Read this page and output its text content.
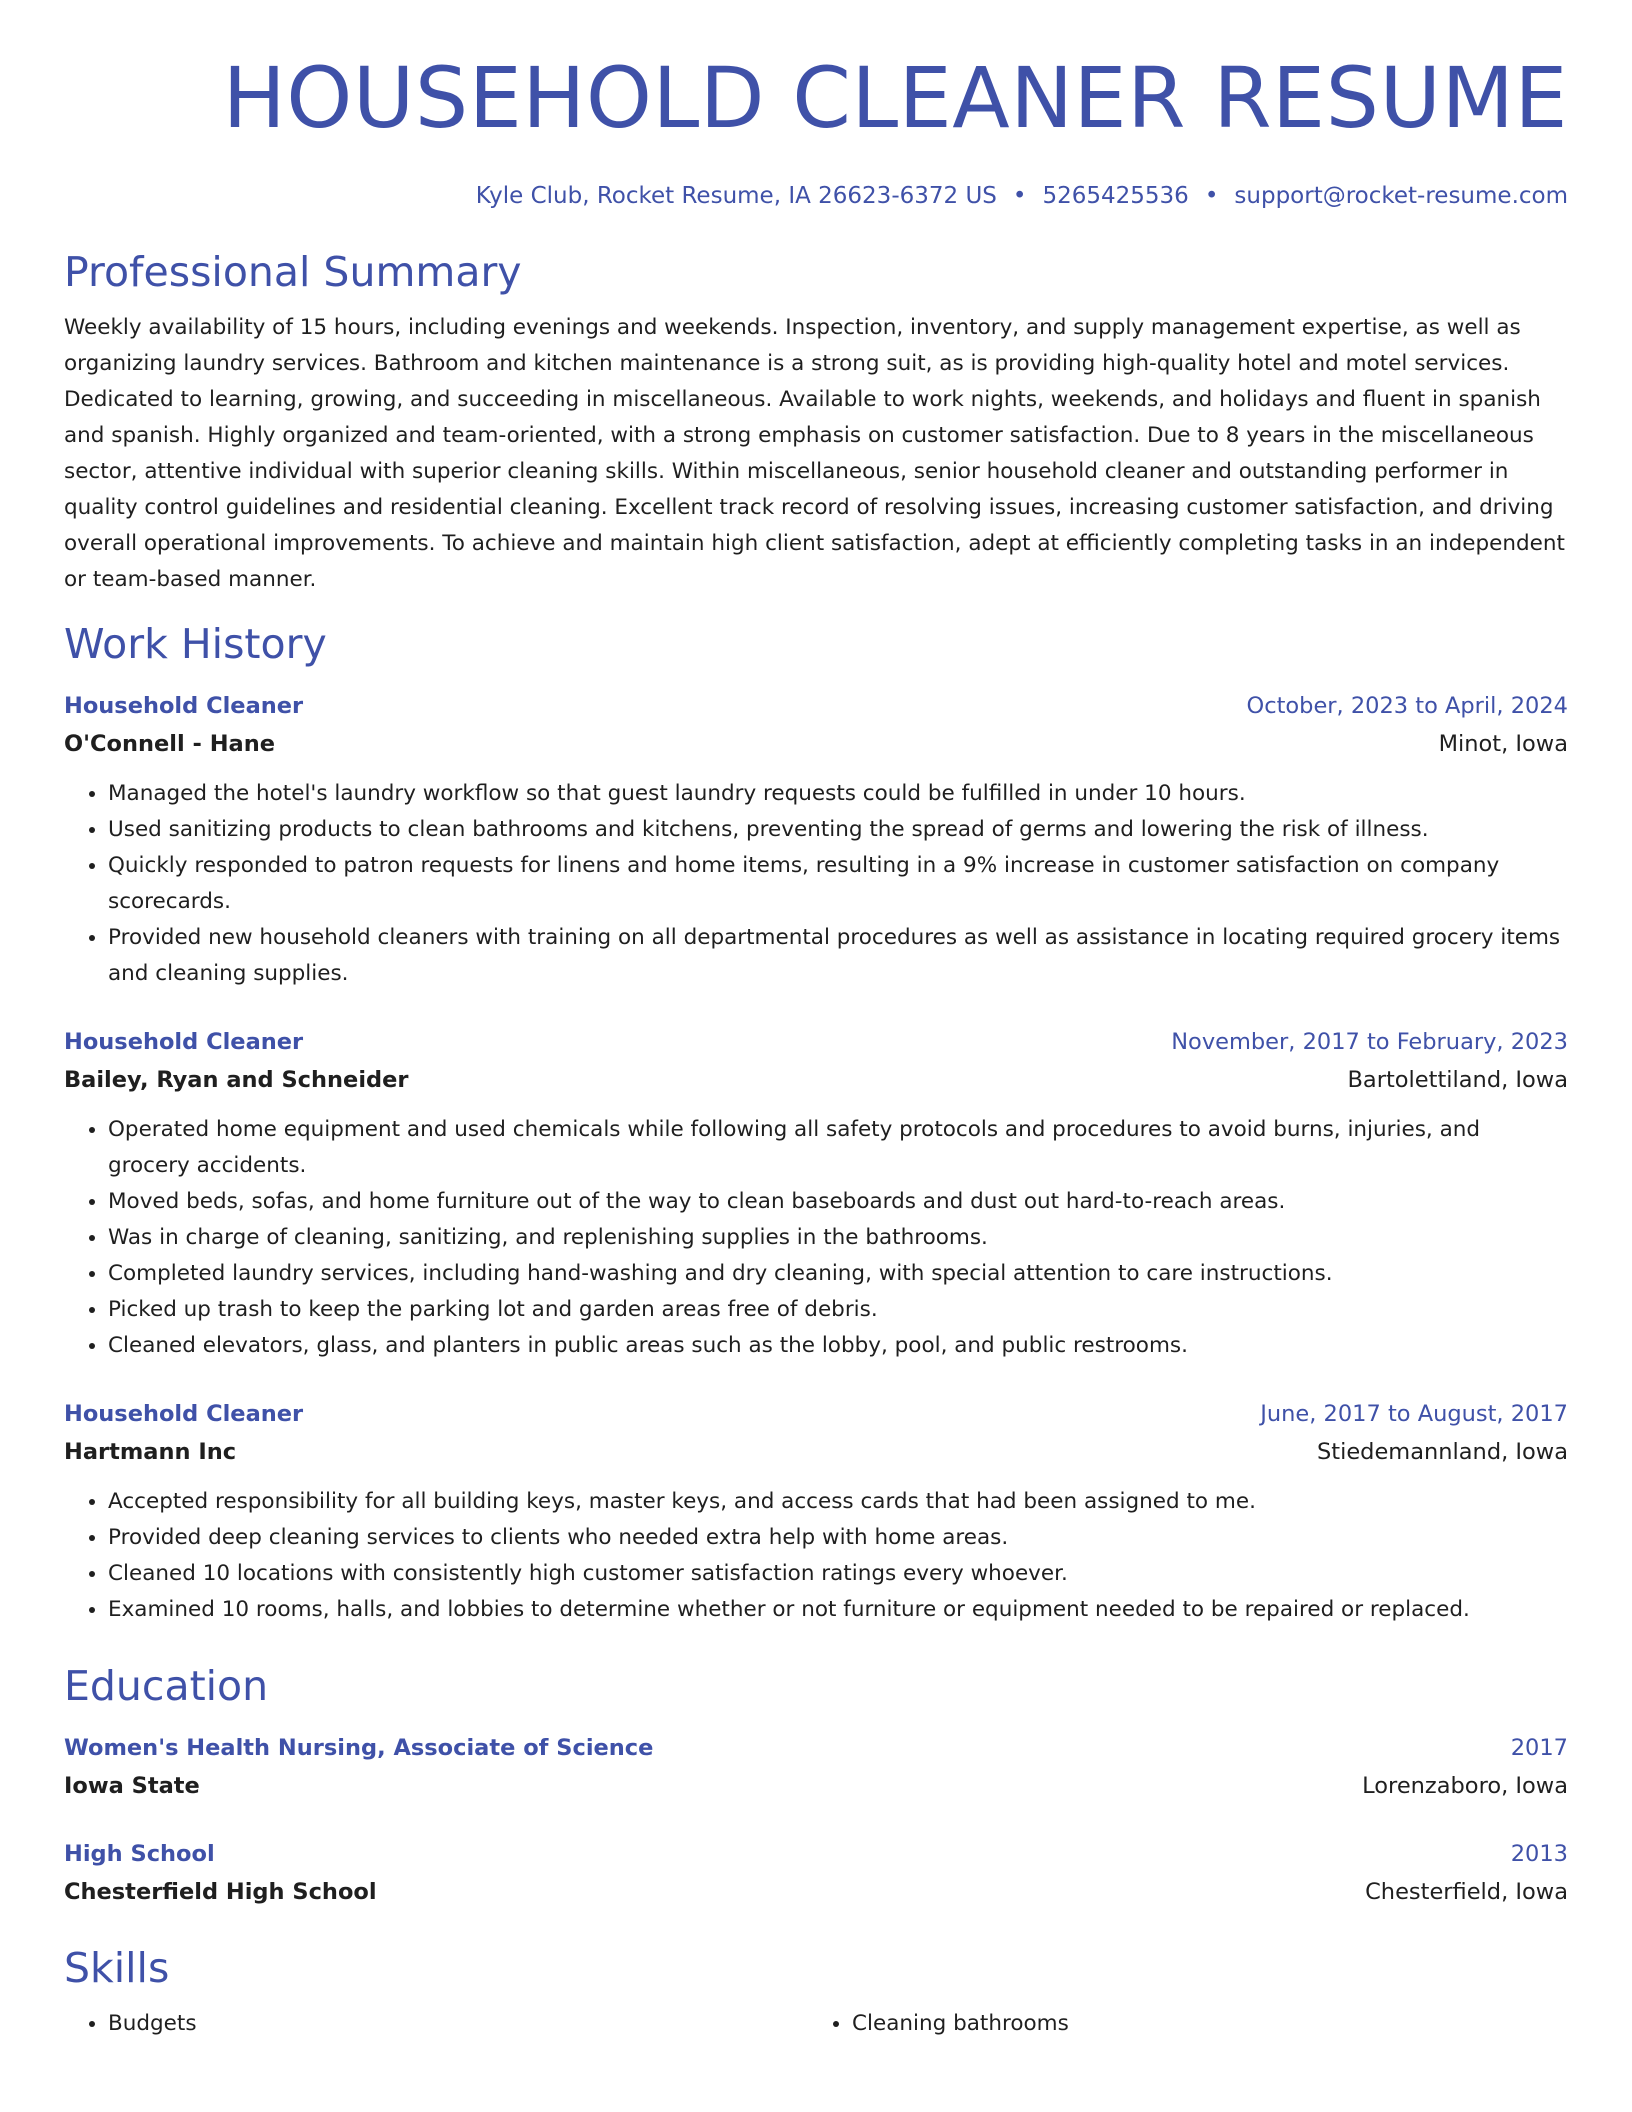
HOUSEHOLD CLEANER RESUME
Kyle Club, Rocket Resume, IA 26623-6372 US • 5265425536 • support@rocket-resume.com
Professional Summary
Weekly availability of 15 hours, including evenings and weekends. Inspection, inventory, and supply management expertise, as well as organizing laundry services. Bathroom and kitchen maintenance is a strong suit, as is providing high-quality hotel and motel services. Dedicated to learning, growing, and succeeding in miscellaneous. Available to work nights, weekends, and holidays and fluent in spanish and spanish. Highly organized and team-oriented, with a strong emphasis on customer satisfaction. Due to 8 years in the miscellaneous sector, attentive individual with superior cleaning skills. Within miscellaneous, senior household cleaner and outstanding performer in quality control guidelines and residential cleaning. Excellent track record of resolving issues, increasing customer satisfaction, and driving overall operational improvements. To achieve and maintain high client satisfaction, adept at efficiently completing tasks in an independent or team-based manner.
Work History
Household Cleaner	October, 2023 to April, 2024
O'Connell - Hane	Minot, Iowa
• Managed the hotel's laundry workflow so that guest laundry requests could be fulfilled in under 10 hours.
• Used sanitizing products to clean bathrooms and kitchens, preventing the spread of germs and lowering the risk of illness.
• Quickly responded to patron requests for linens and home items, resulting in a 9% increase in customer satisfaction on company scorecards.
• Provided new household cleaners with training on all departmental procedures as well as assistance in locating required grocery items and cleaning supplies.
Household Cleaner	November, 2017 to February, 2023
Bailey, Ryan and Schneider	Bartolettiland, Iowa
• Operated home equipment and used chemicals while following all safety protocols and procedures to avoid burns, injuries, and grocery accidents.
• Moved beds, sofas, and home furniture out of the way to clean baseboards and dust out hard-to-reach areas.
• Was in charge of cleaning, sanitizing, and replenishing supplies in the bathrooms.
• Completed laundry services, including hand-washing and dry cleaning, with special attention to care instructions.
• Picked up trash to keep the parking lot and garden areas free of debris.
• Cleaned elevators, glass, and planters in public areas such as the lobby, pool, and public restrooms.
Household Cleaner	June, 2017 to August, 2017
Hartmann Inc	Stiedemannland, Iowa
• Accepted responsibility for all building keys, master keys, and access cards that had been assigned to me.
• Provided deep cleaning services to clients who needed extra help with home areas.
• Cleaned 10 locations with consistently high customer satisfaction ratings every whoever.
• Examined 10 rooms, halls, and lobbies to determine whether or not furniture or equipment needed to be repaired or replaced.
Education
Women's Health Nursing, Associate of Science	2017
Iowa State	Lorenzaboro, Iowa
High School	2013
Chesterfield High School	Chesterfield, Iowa
Skills
• Budgets
•	Cleaning bathrooms
